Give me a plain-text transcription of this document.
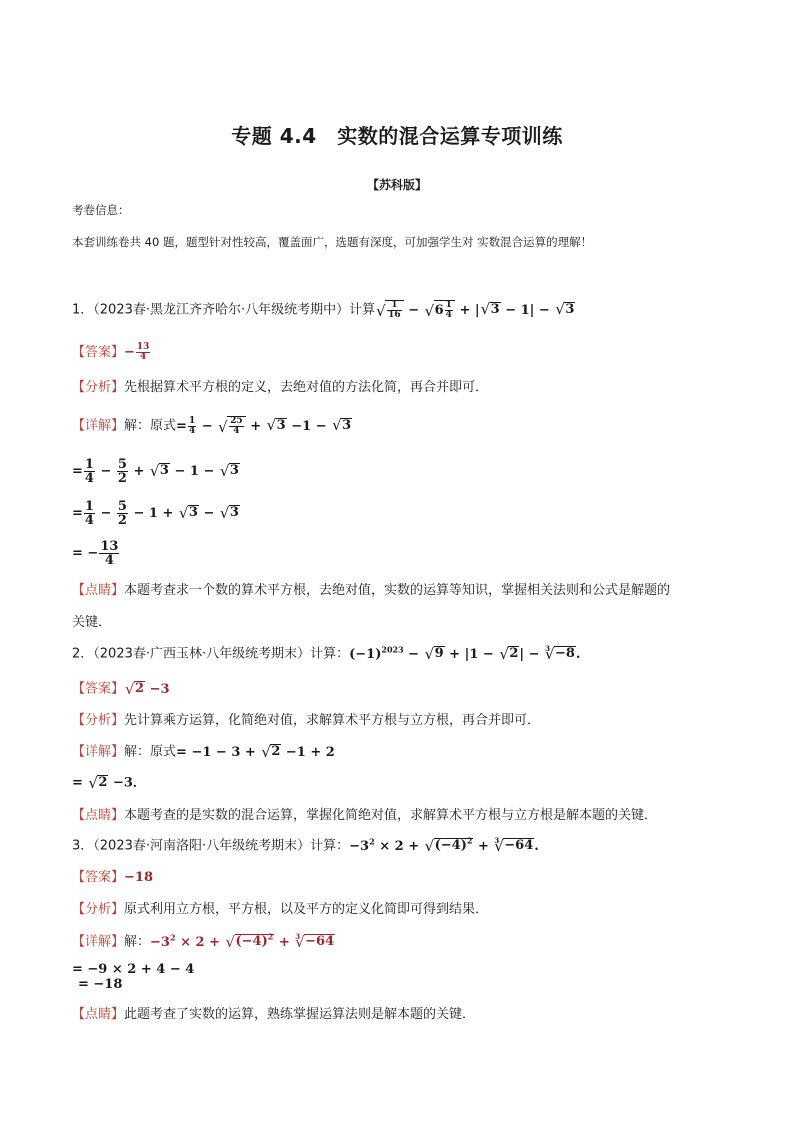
专题 4.4　实数的混合运算专项训练
【苏科版】
考卷信息：
本套训练卷共 40 题，题型针对性较高，覆盖面广，选题有深度，可加强学生对 实数混合运算的理解！
1．（2023春·黑龙江齐齐哈尔·八年级统考期中）计算
√ $\frac{1}{16}$ − √ $6 \frac{1}{4}$ + |√ 3 − 1| − √ 3
【答案】− $\frac{13}{4}$
【分析】先根据算术平方根的定义，去绝对值的方法化简，再合并即可．
【详解】解：原式= $\frac{1}{4}$ −
√ $\frac{25}{4}$ + √ 3 −1 − √ 3
= $\frac{1}{4} - \frac{5}{2}$ + √ 3 − 1 − √ 3
= $\frac{1}{4} - \frac{5}{2} - 1$ + √ 3 − √ 3
= − $\frac{13}{4}$
【点睛】本题考查求一个数的算术平方根，去绝对值，实数的运算等知识，掌握相关法则和公式是解题的
关键．
2．（2023春·广西玉林·八年级统考期末）计算：$(-1)^{2023}$ − √ 9 + |1 − √ 2| − $^3$√ −8.
【答案】√ 2 −3
【分析】先计算乘方运算，化简绝对值，求解算术平方根与立方根，再合并即可．
【详解】解：原式= −1 − 3 + √ 2 −1 + 2
= √ 2 −3．
【点睛】本题考查的是实数的混合运算，掌握化简绝对值，求解算术平方根与立方根是解本题的关键．
3．（2023春·河南洛阳·八年级统考期末）计算：$-3^2 \times 2$ + √ $(-4)^2 + ^3√ -64$.
【答案】−18
【分析】原式利用立方根，平方根，以及平方的定义化简即可得到结果．
【详解】解：$-3^2 \times 2$ + √ $(-4)^2 + ^3√ -64$
= −9 × 2 + 4 − 4
= −18
【点睛】此题考查了实数的运算，熟练掌握运算法则是解本题的关键．
